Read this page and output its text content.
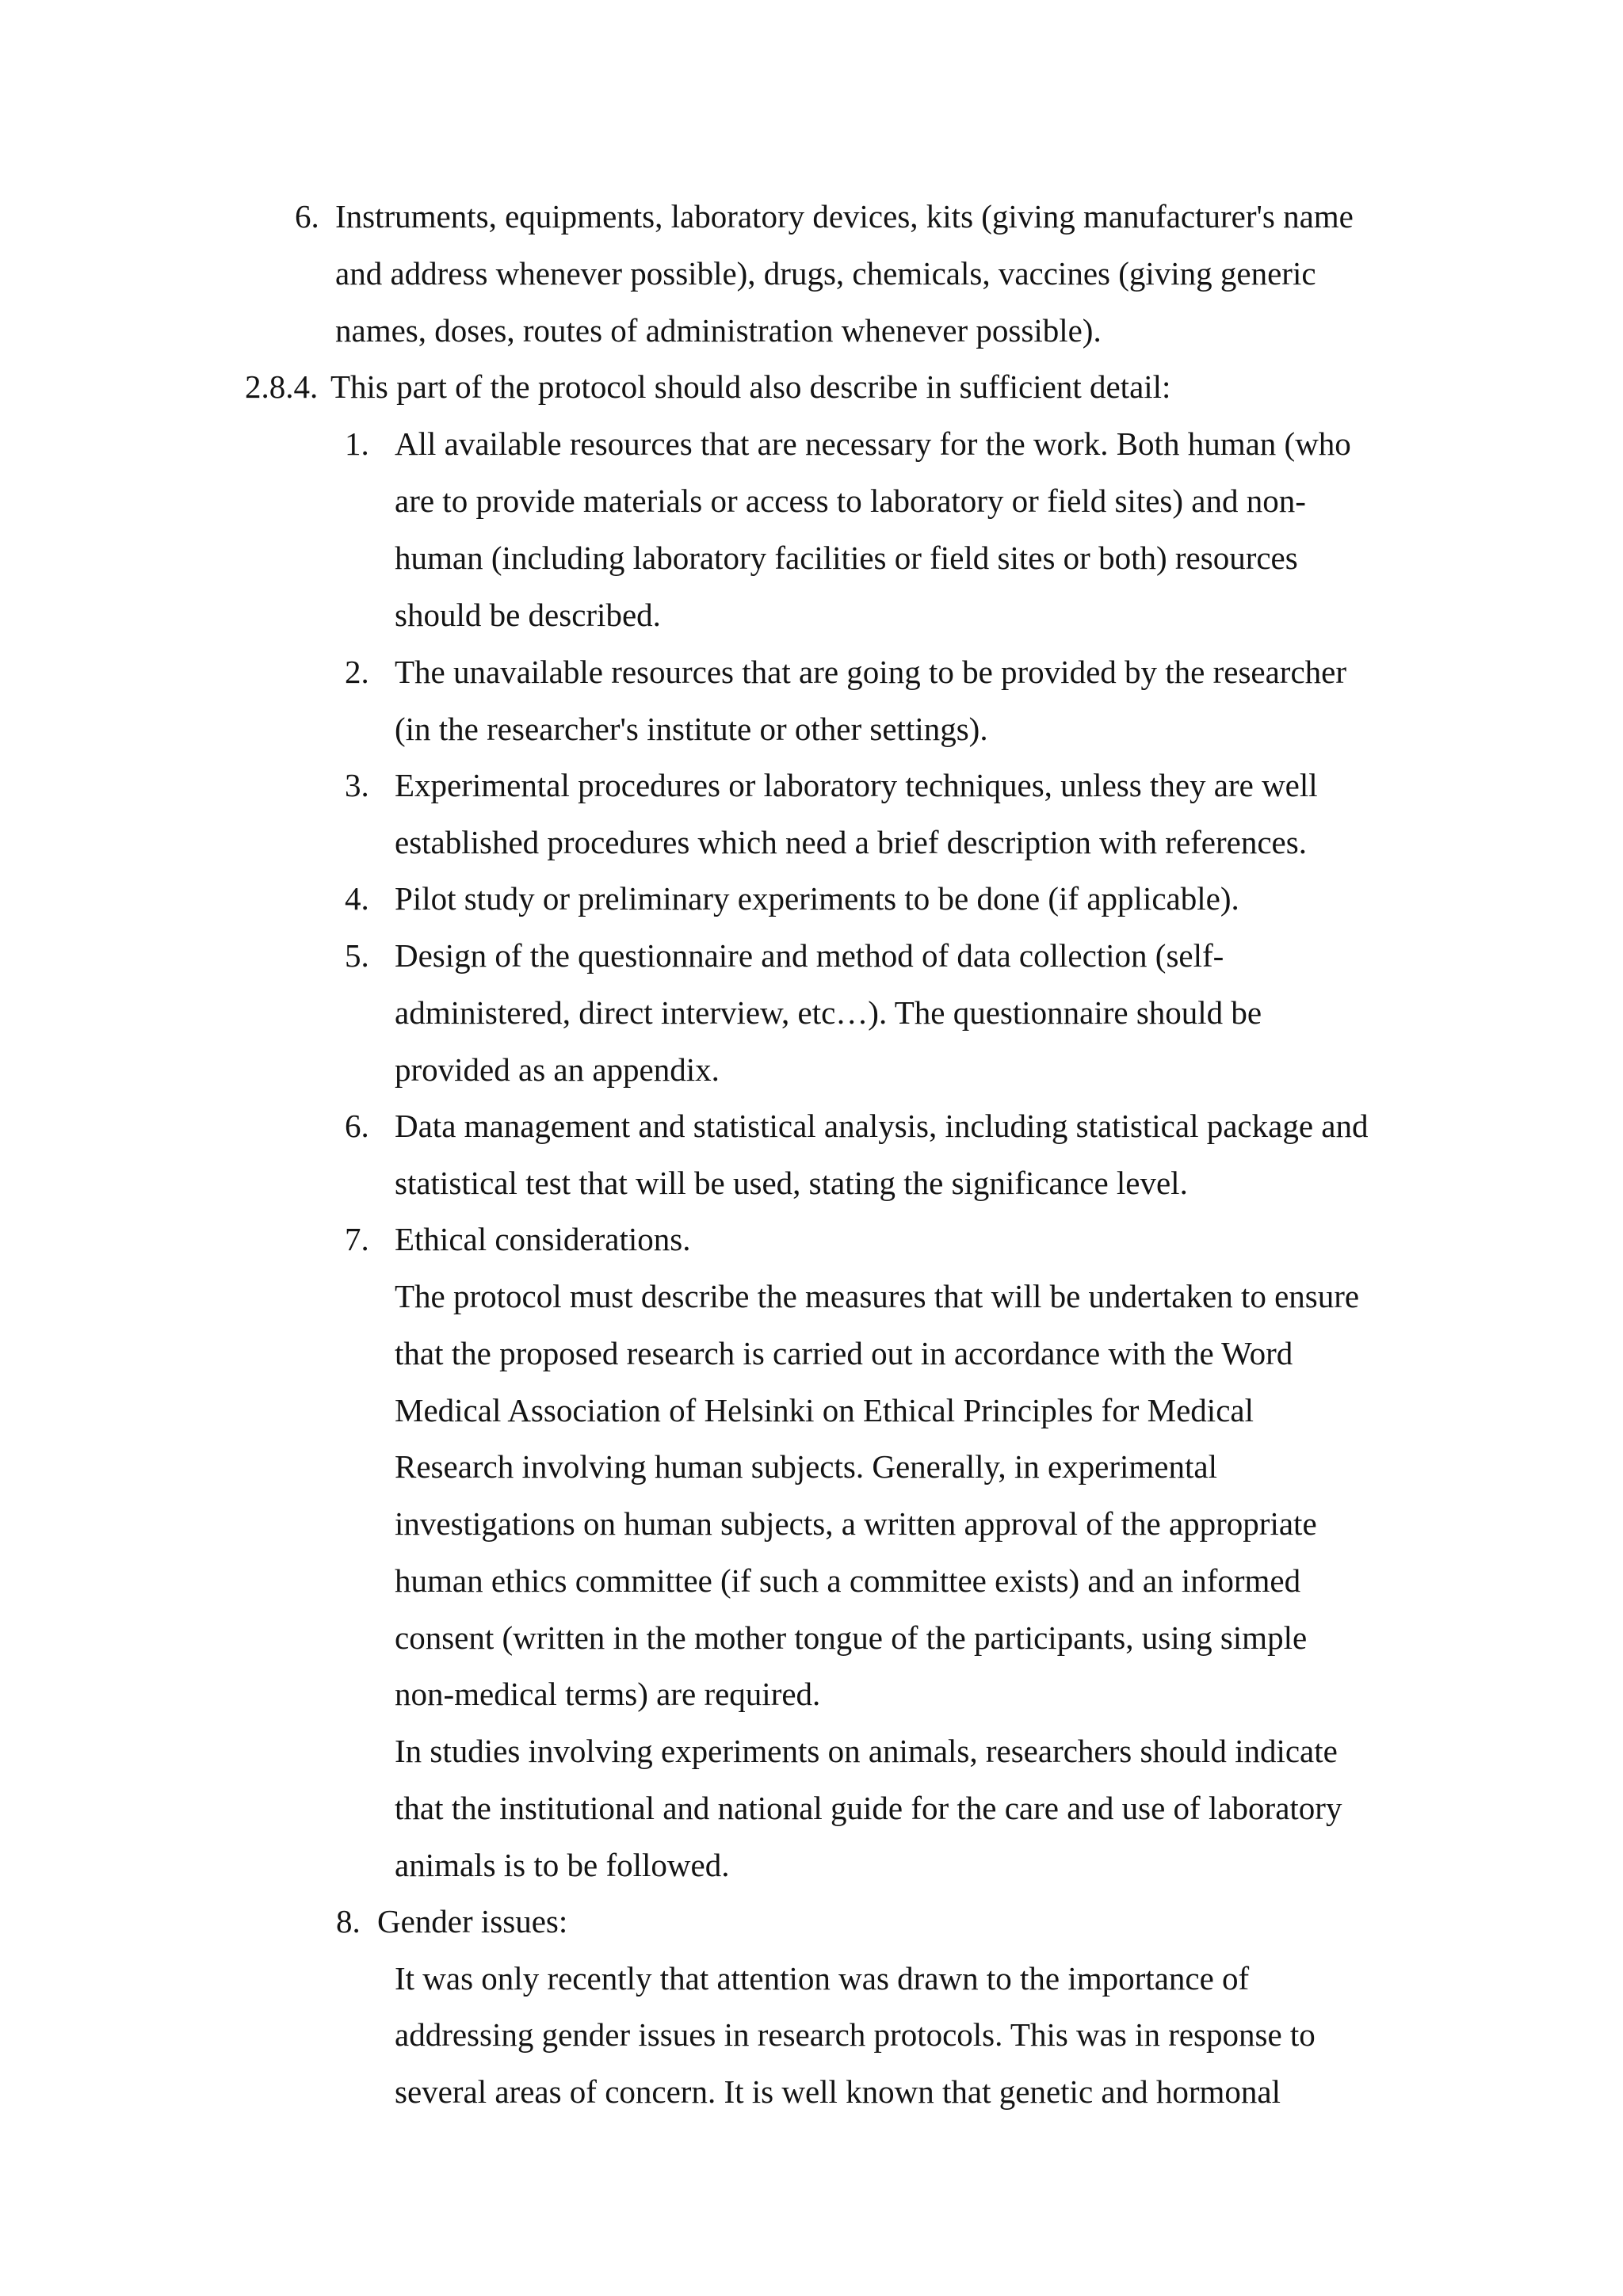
6. Instruments, equipments, laboratory devices, kits (giving manufacturer's name
and address whenever possible), drugs, chemicals, vaccines (giving generic
names, doses, routes of administration whenever possible).
2.8.4. This part of the protocol should also describe in sufficient detail:
1. All available resources that are necessary for the work. Both human (who
are to provide materials or access to laboratory or field sites) and non-
human (including laboratory facilities or field sites or both) resources
should be described.
2. The unavailable resources that are going to be provided by the researcher
(in the researcher's institute or other settings).
3. Experimental procedures or laboratory techniques, unless they are well
established procedures which need a brief description with references.
4. Pilot study or preliminary experiments to be done (if applicable).
5. Design of the questionnaire and method of data collection (self-
administered, direct interview, etc…). The questionnaire should be
provided as an appendix.
6. Data management and statistical analysis, including statistical package and
statistical test that will be used, stating the significance level.
7. Ethical considerations.
The protocol must describe the measures that will be undertaken to ensure
that the proposed research is carried out in accordance with the Word
Medical Association of Helsinki on Ethical Principles for Medical
Research involving human subjects. Generally, in experimental
investigations on human subjects, a written approval of the appropriate
human ethics committee (if such a committee exists) and an informed
consent (written in the mother tongue of the participants, using simple
non-medical terms) are required.
In studies involving experiments on animals, researchers should indicate
that the institutional and national guide for the care and use of laboratory
animals is to be followed.
8. Gender issues:
It was only recently that attention was drawn to the importance of
addressing gender issues in research protocols. This was in response to
several areas of concern. It is well known that genetic and hormonal
